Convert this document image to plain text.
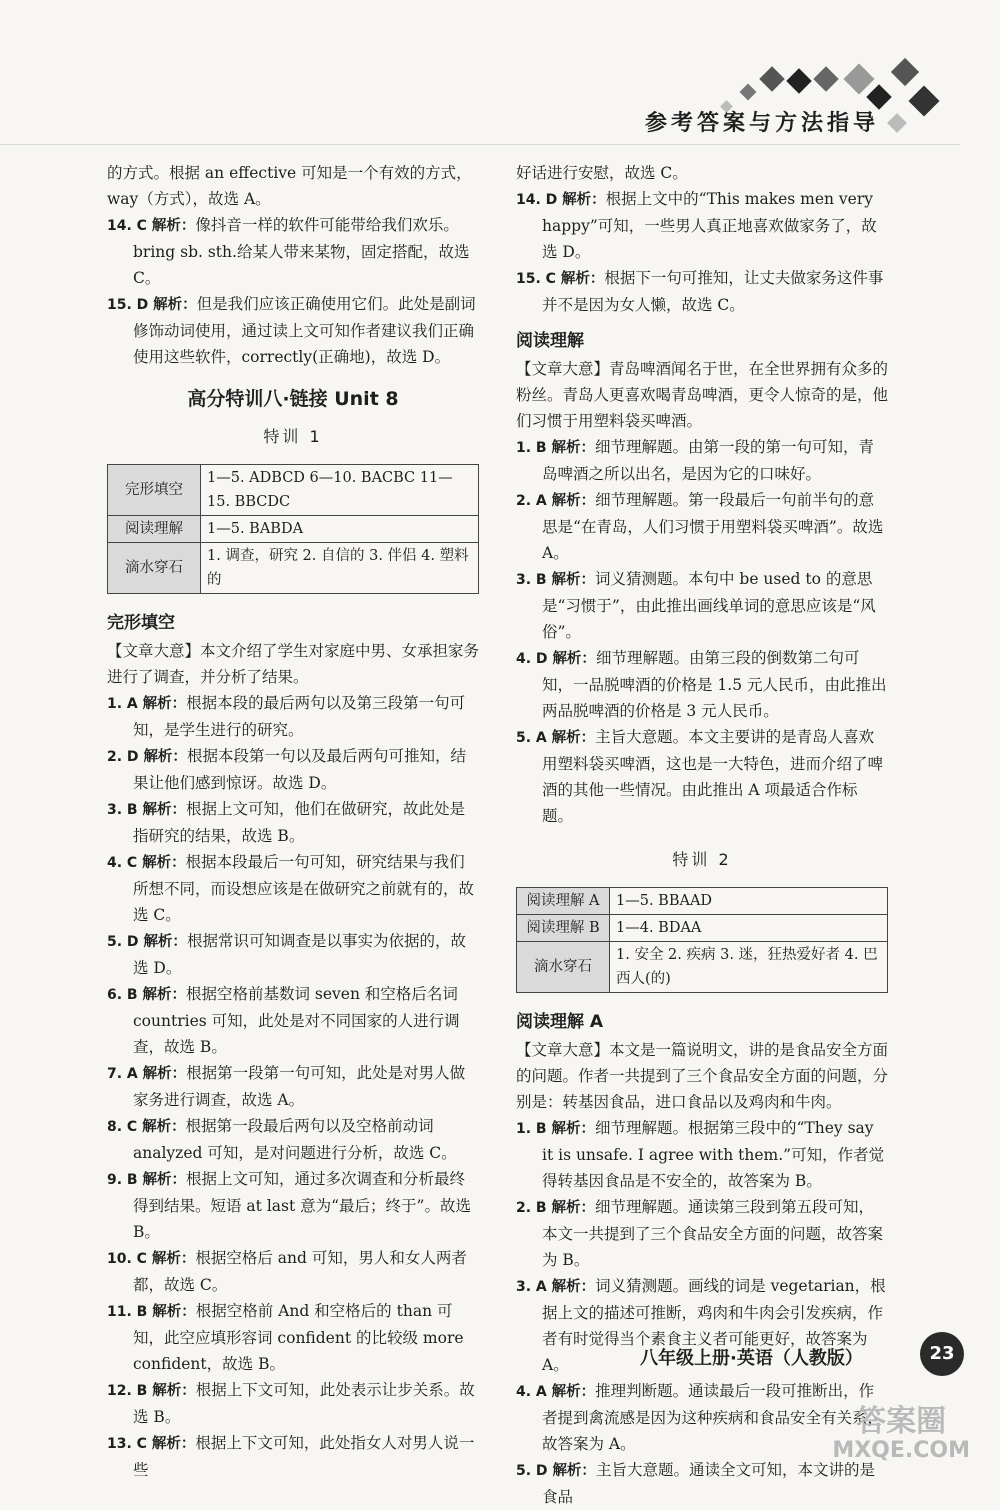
参考答案与方法指导

的方式。根据 an effective 可知是一个有效的方式，way（方式），故选 A。

14. C 解析：像抖音一样的软件可能带给我们欢乐。bring sb. sth.给某人带来某物，固定搭配，故选 C。

15. D 解析：但是我们应该正确使用它们。此处是副词修饰动词使用，通过读上文可知作者建议我们正确使用这些软件，correctly(正确地)，故选 D。

高分特训八·链接 Unit 8
特训 1
完形填空	1—5. ADBCD 6—10. BACBC 11—15. BBCDC
阅读理解	1—5. BABDA
滴水穿石	1. 调查，研究 2. 自信的 3. 伴侣 4. 塑料的
完形填空

【文章大意】本文介绍了学生对家庭中男、女承担家务进行了调查，并分析了结果。

1. A 解析：根据本段的最后两句以及第三段第一句可知，是学生进行的研究。

2. D 解析：根据本段第一句以及最后两句可推知，结果让他们感到惊讶。故选 D。

3. B 解析：根据上文可知，他们在做研究，故此处是指研究的结果，故选 B。

4. C 解析：根据本段最后一句可知，研究结果与我们所想不同，而设想应该是在做研究之前就有的，故选 C。

5. D 解析：根据常识可知调查是以事实为依据的，故选 D。

6. B 解析：根据空格前基数词 seven 和空格后名词 countries 可知，此处是对不同国家的人进行调查，故选 B。

7. A 解析：根据第一段第一句可知，此处是对男人做家务进行调查，故选 A。

8. C 解析：根据第一段最后两句以及空格前动词 analyzed 可知，是对问题进行分析，故选 C。

9. B 解析：根据上文可知，通过多次调查和分析最终得到结果。短语 at last 意为“最后；终于”。故选 B。

10. C 解析：根据空格后 and 可知，男人和女人两者都，故选 C。

11. B 解析：根据空格前 And 和空格后的 than 可知，此空应填形容词 confident 的比较级 more confident，故选 B。

12. B 解析：根据上下文可知，此处表示让步关系。故选 B。

13. C 解析：根据上下文可知，此处指女人对男人说一些

好话进行安慰，故选 C。

14. D 解析：根据上文中的“This makes men very happy”可知，一些男人真正地喜欢做家务了，故选 D。

15. C 解析：根据下一句可推知，让丈夫做家务这件事并不是因为女人懒，故选 C。

阅读理解

【文章大意】青岛啤酒闻名于世，在全世界拥有众多的粉丝。青岛人更喜欢喝青岛啤酒，更令人惊奇的是，他们习惯于用塑料袋买啤酒。

1. B 解析：细节理解题。由第一段的第一句可知，青岛啤酒之所以出名，是因为它的口味好。

2. A 解析：细节理解题。第一段最后一句前半句的意思是“在青岛，人们习惯于用塑料袋买啤酒”。故选 A。

3. B 解析：词义猜测题。本句中 be used to 的意思是“习惯于”，由此推出画线单词的意思应该是“风俗”。

4. D 解析：细节理解题。由第三段的倒数第二句可知，一品脱啤酒的价格是 1.5 元人民币，由此推出两品脱啤酒的价格是 3 元人民币。

5. A 解析：主旨大意题。本文主要讲的是青岛人喜欢用塑料袋买啤酒，这也是一大特色，进而介绍了啤酒的其他一些情况。由此推出 A 项最适合作标题。

特训 2
阅读理解 A	1—5. BBAAD
阅读理解 B	1—4. BDAA
滴水穿石	1. 安全 2. 疾病 3. 迷，狂热爱好者 4. 巴西人(的)
阅读理解 A

【文章大意】本文是一篇说明文，讲的是食品安全方面的问题。作者一共提到了三个食品安全方面的问题，分别是：转基因食品，进口食品以及鸡肉和牛肉。

1. B 解析：细节理解题。根据第三段中的“They say it is unsafe. I agree with them.”可知，作者觉得转基因食品是不安全的，故答案为 B。

2. B 解析：细节理解题。通读第三段到第五段可知，本文一共提到了三个食品安全方面的问题，故答案为 B。

3. A 解析：词义猜测题。画线的词是 vegetarian，根据上文的描述可推断，鸡肉和牛肉会引发疾病，作者有时觉得当个素食主义者可能更好，故答案为 A。

4. A 解析：推理判断题。通读最后一段可推断出，作者提到禽流感是因为这种疾病和食品安全有关系，故答案为 A。

5. D 解析：主旨大意题。通读全文可知，本文讲的是食品

八年级上册·英语（人教版）	23
答案圈
MXQE.COM
